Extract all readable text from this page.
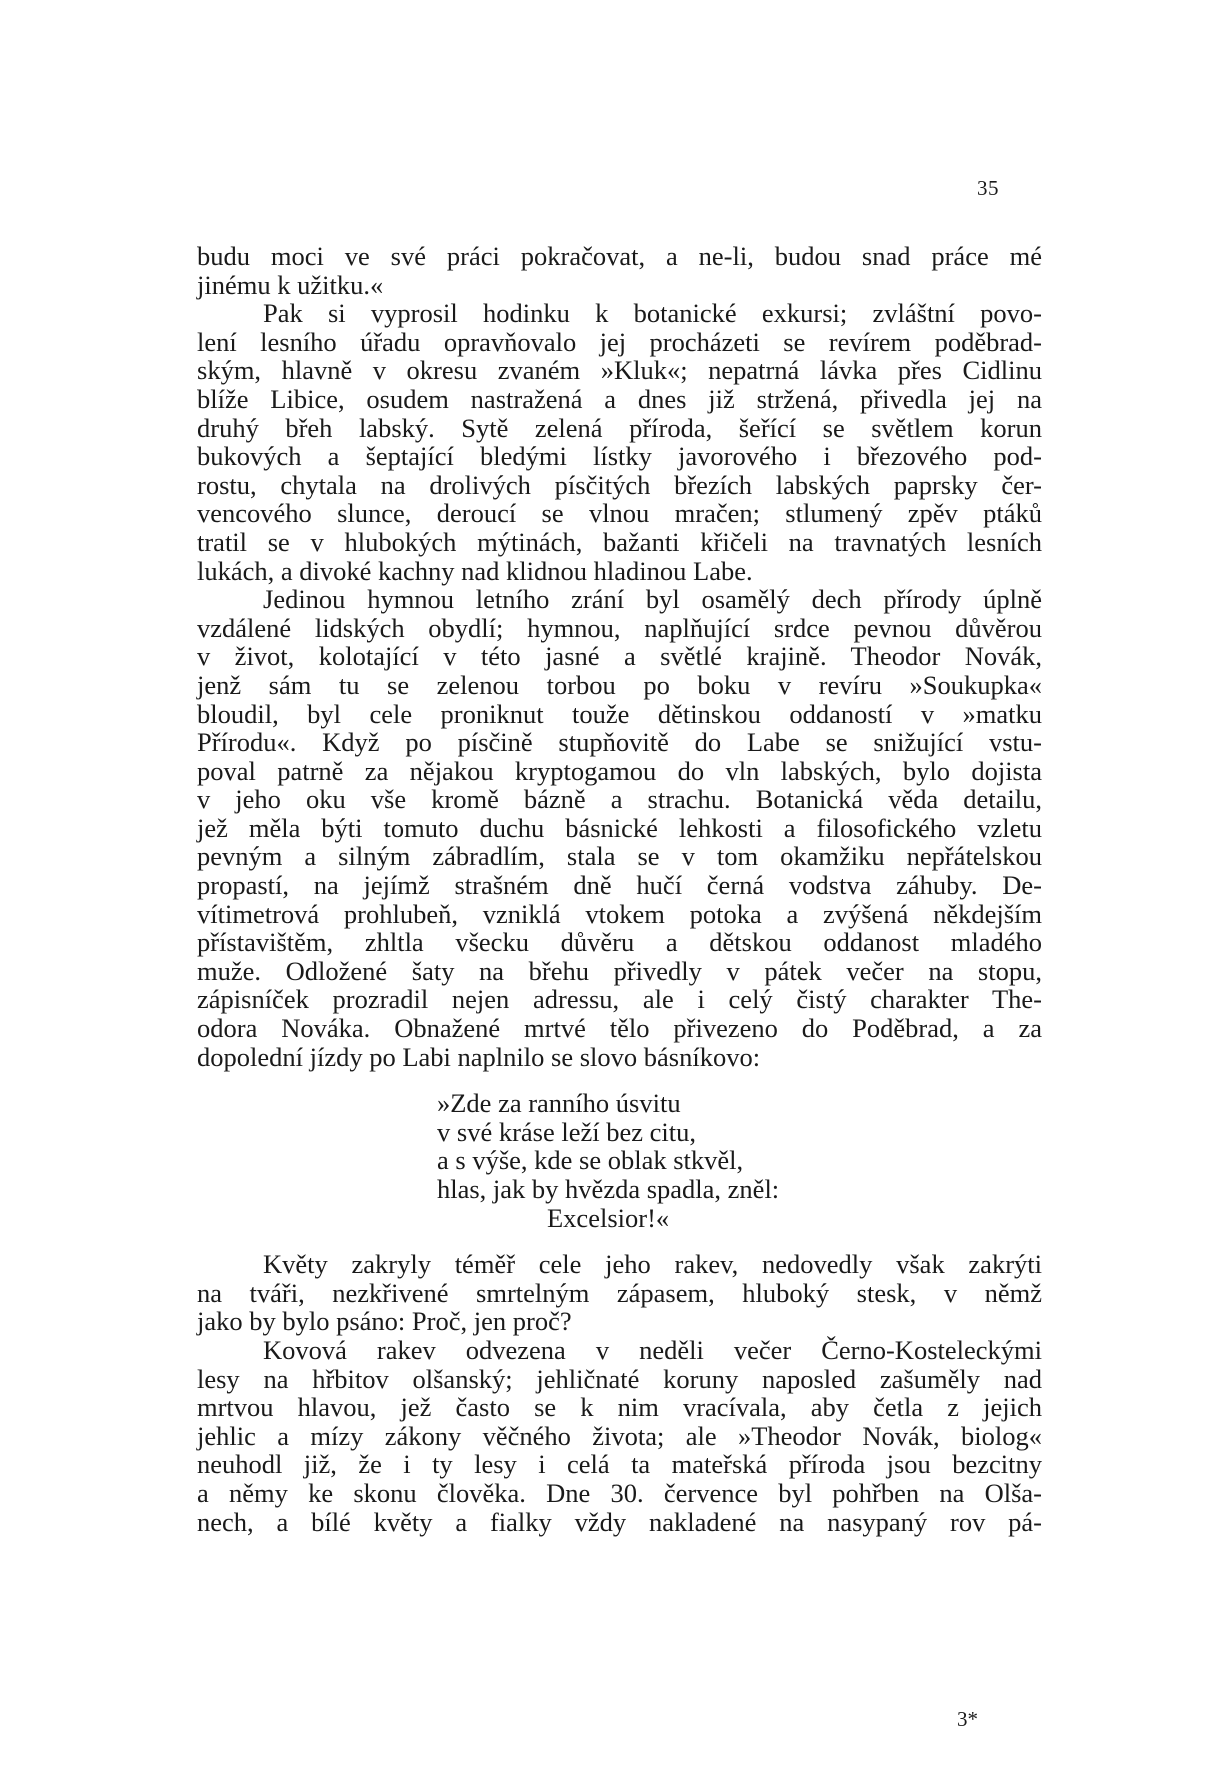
35
budu moci ve své práci pokračovat, a ne-li, budou snad práce mé
jinému k užitku.«
Pak si vyprosil hodinku k botanické exkursi; zvláštní povo-
lení lesního úřadu opravňovalo jej procházeti se revírem poděbrad-
ským, hlavně v okresu zvaném »Kluk«; nepatrná lávka přes Cidlinu
blíže Libice, osudem nastražená a dnes již stržená, přivedla jej na
druhý břeh labský. Sytě zelená příroda, šeřící se světlem korun
bukových a šeptající bledými lístky javorového i březového pod-
rostu, chytala na drolivých písčitých březích labských paprsky čer-
vencového slunce, deroucí se vlnou mračen; stlumený zpěv ptáků
tratil se v hlubokých mýtinách, bažanti křičeli na travnatých lesních
lukách, a divoké kachny nad klidnou hladinou Labe.
Jedinou hymnou letního zrání byl osamělý dech přírody úplně
vzdálené lidských obydlí; hymnou, naplňující srdce pevnou důvěrou
v život, kolotající v této jasné a světlé krajině. Theodor Novák,
jenž sám tu se zelenou torbou po boku v revíru »Soukupka«
bloudil, byl cele proniknut touže dětinskou oddaností v »matku
Přírodu«. Když po písčině stupňovitě do Labe se snižující vstu-
poval patrně za nějakou kryptogamou do vln labských, bylo dojista
v jeho oku vše kromě bázně a strachu. Botanická věda detailu,
jež měla býti tomuto duchu básnické lehkosti a filosofického vzletu
pevným a silným zábradlím, stala se v tom okamžiku nepřátelskou
propastí, na jejímž strašném dně hučí černá vodstva záhuby. De-
vítimetrová prohlubeň, vzniklá vtokem potoka a zvýšená někdejším
přístavištěm, zhltla všecku důvěru a dětskou oddanost mladého
muže. Odložené šaty na břehu přivedly v pátek večer na stopu,
zápisníček prozradil nejen adressu, ale i celý čistý charakter The-
odora Nováka. Obnažené mrtvé tělo přivezeno do Poděbrad, a za
dopolední jízdy po Labi naplnilo se slovo básníkovo:
»Zde za ranního úsvitu
v své kráse leží bez citu,
a s výše, kde se oblak stkvěl,
hlas, jak by hvězda spadla, zněl:
Excelsior!«
Květy zakryly téměř cele jeho rakev, nedovedly však zakrýti
na tváři, nezkřivené smrtelným zápasem, hluboký stesk, v němž
jako by bylo psáno: Proč, jen proč?
Kovová rakev odvezena v neděli večer Černo-Kosteleckými
lesy na hřbitov olšanský; jehličnaté koruny naposled zašuměly nad
mrtvou hlavou, jež často se k nim vracívala, aby četla z jejich
jehlic a mízy zákony věčného života; ale »Theodor Novák, biolog«
neuhodl již, že i ty lesy i celá ta mateřská příroda jsou bezcitny
a němy ke skonu člověka. Dne 30. července byl pohřben na Olša-
nech, a bílé květy a fialky vždy nakladené na nasypaný rov pá-
3*
